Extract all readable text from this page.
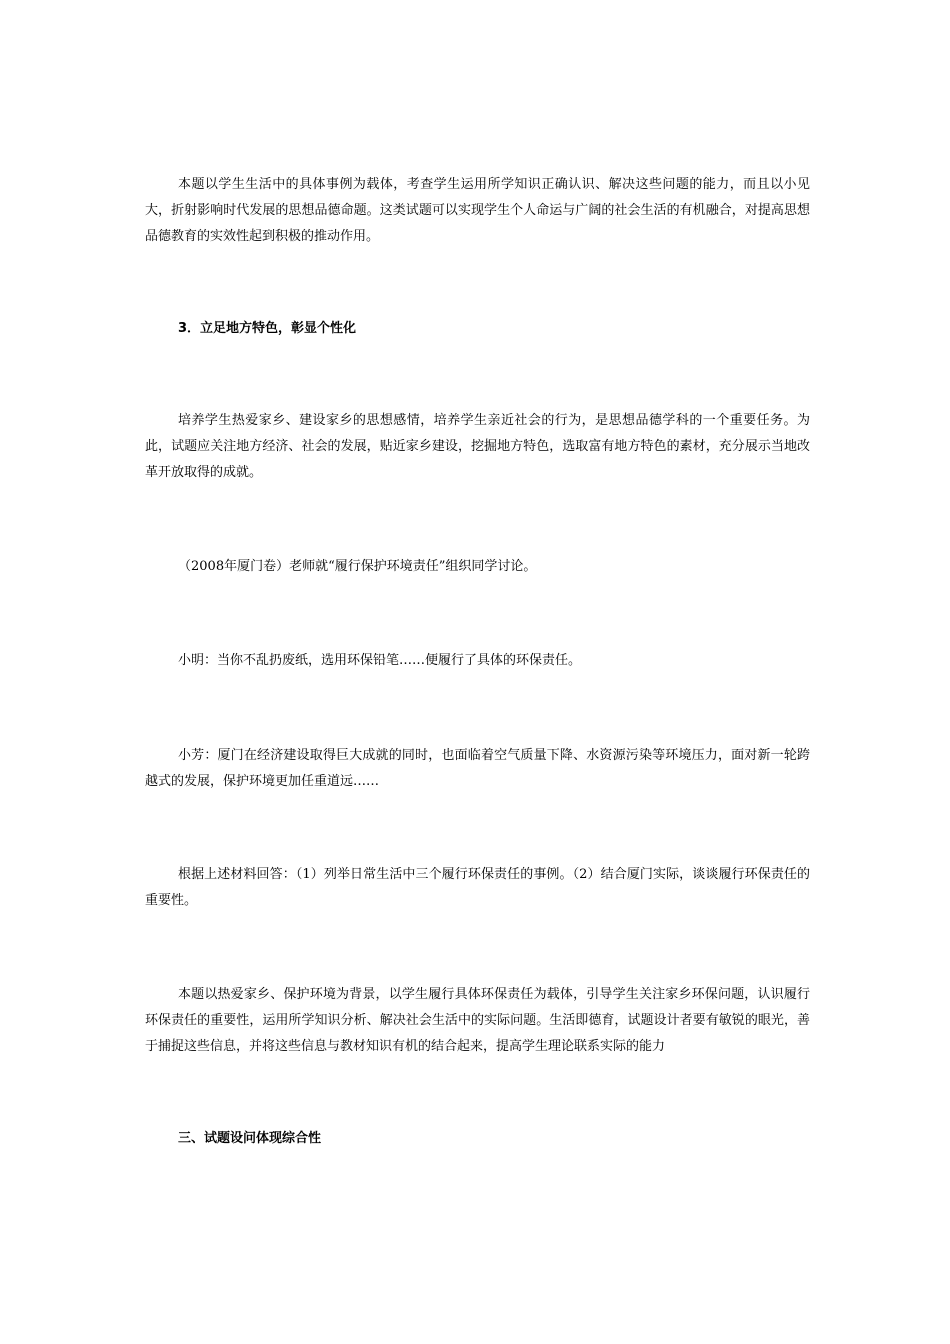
本题以学生生活中的具体事例为载体，考查学生运用所学知识正确认识、解决这些问题的能力，而且以小见大，折射影响时代发展的思想品德命题。这类试题可以实现学生个人命运与广阔的社会生活的有机融合，对提高思想品德教育的实效性起到积极的推动作用。

3．立足地方特色，彰显个性化

培养学生热爱家乡、建设家乡的思想感情，培养学生亲近社会的行为，是思想品德学科的一个重要任务。为此，试题应关注地方经济、社会的发展，贴近家乡建设，挖掘地方特色，选取富有地方特色的素材，充分展示当地改革开放取得的成就。

（2008年厦门卷）老师就“履行保护环境责任”组织同学讨论。

小明：当你不乱扔废纸，选用环保铅笔……便履行了具体的环保责任。

小芳：厦门在经济建设取得巨大成就的同时，也面临着空气质量下降、水资源污染等环境压力，面对新一轮跨越式的发展，保护环境更加任重道远……

根据上述材料回答：（1）列举日常生活中三个履行环保责任的事例。（2）结合厦门实际，谈谈履行环保责任的重要性。

本题以热爱家乡、保护环境为背景，以学生履行具体环保责任为载体，引导学生关注家乡环保问题，认识履行环保责任的重要性，运用所学知识分析、解决社会生活中的实际问题。生活即德育，试题设计者要有敏锐的眼光，善于捕捉这些信息，并将这些信息与教材知识有机的结合起来，提高学生理论联系实际的能力

三、试题设问体现综合性
